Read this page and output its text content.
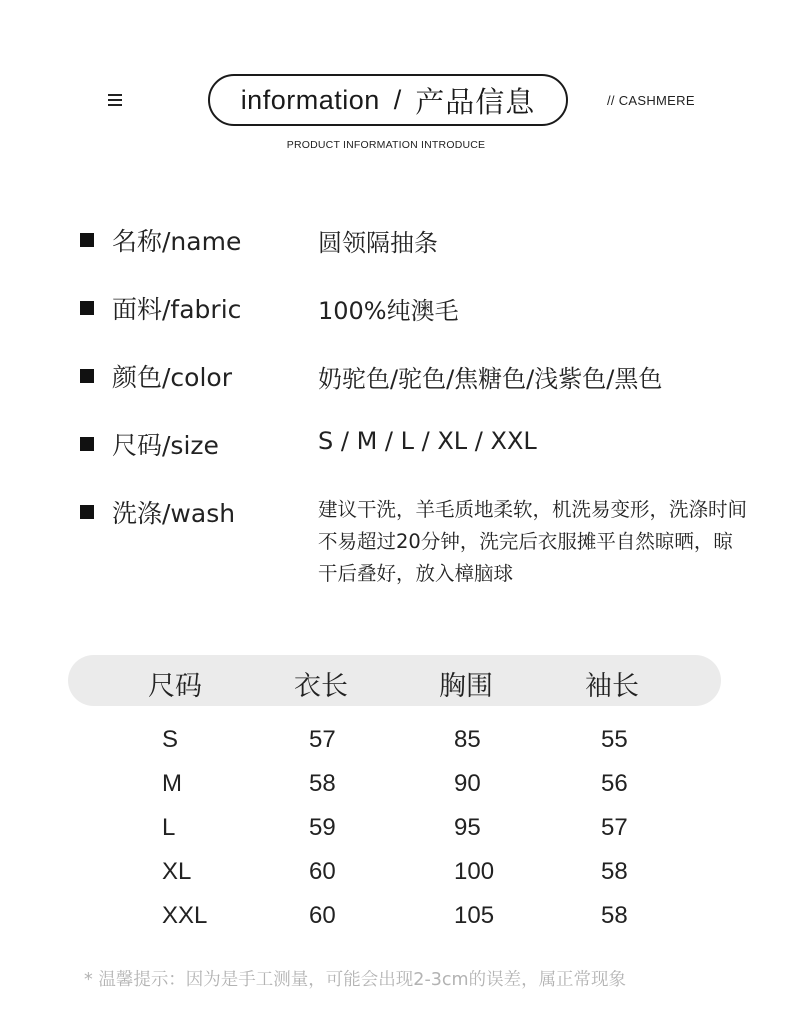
information / 产品信息	// CASHMERE
PRODUCT INFORMATION INTRODUCE
名称/name	圆领隔抽条
面料/fabric	100%纯澳毛
颜色/color	奶驼色/驼色/焦糖色/浅紫色/黑色
尺码/size	S / M / L / XL / XXL
洗涤/wash	建议干洗，羊毛质地柔软，机洗易变形，洗涤时间不易超过20分钟，洗完后衣服摊平自然晾晒，晾干后叠好，放入樟脑球
尺码	衣长	胸围	袖长
S	57	85	55
M	58	90	56
L	59	95	57
XL	60	100	58
XXL	60	105	58
* 温馨提示：因为是手工测量，可能会出现2-3cm的误差，属正常现象
